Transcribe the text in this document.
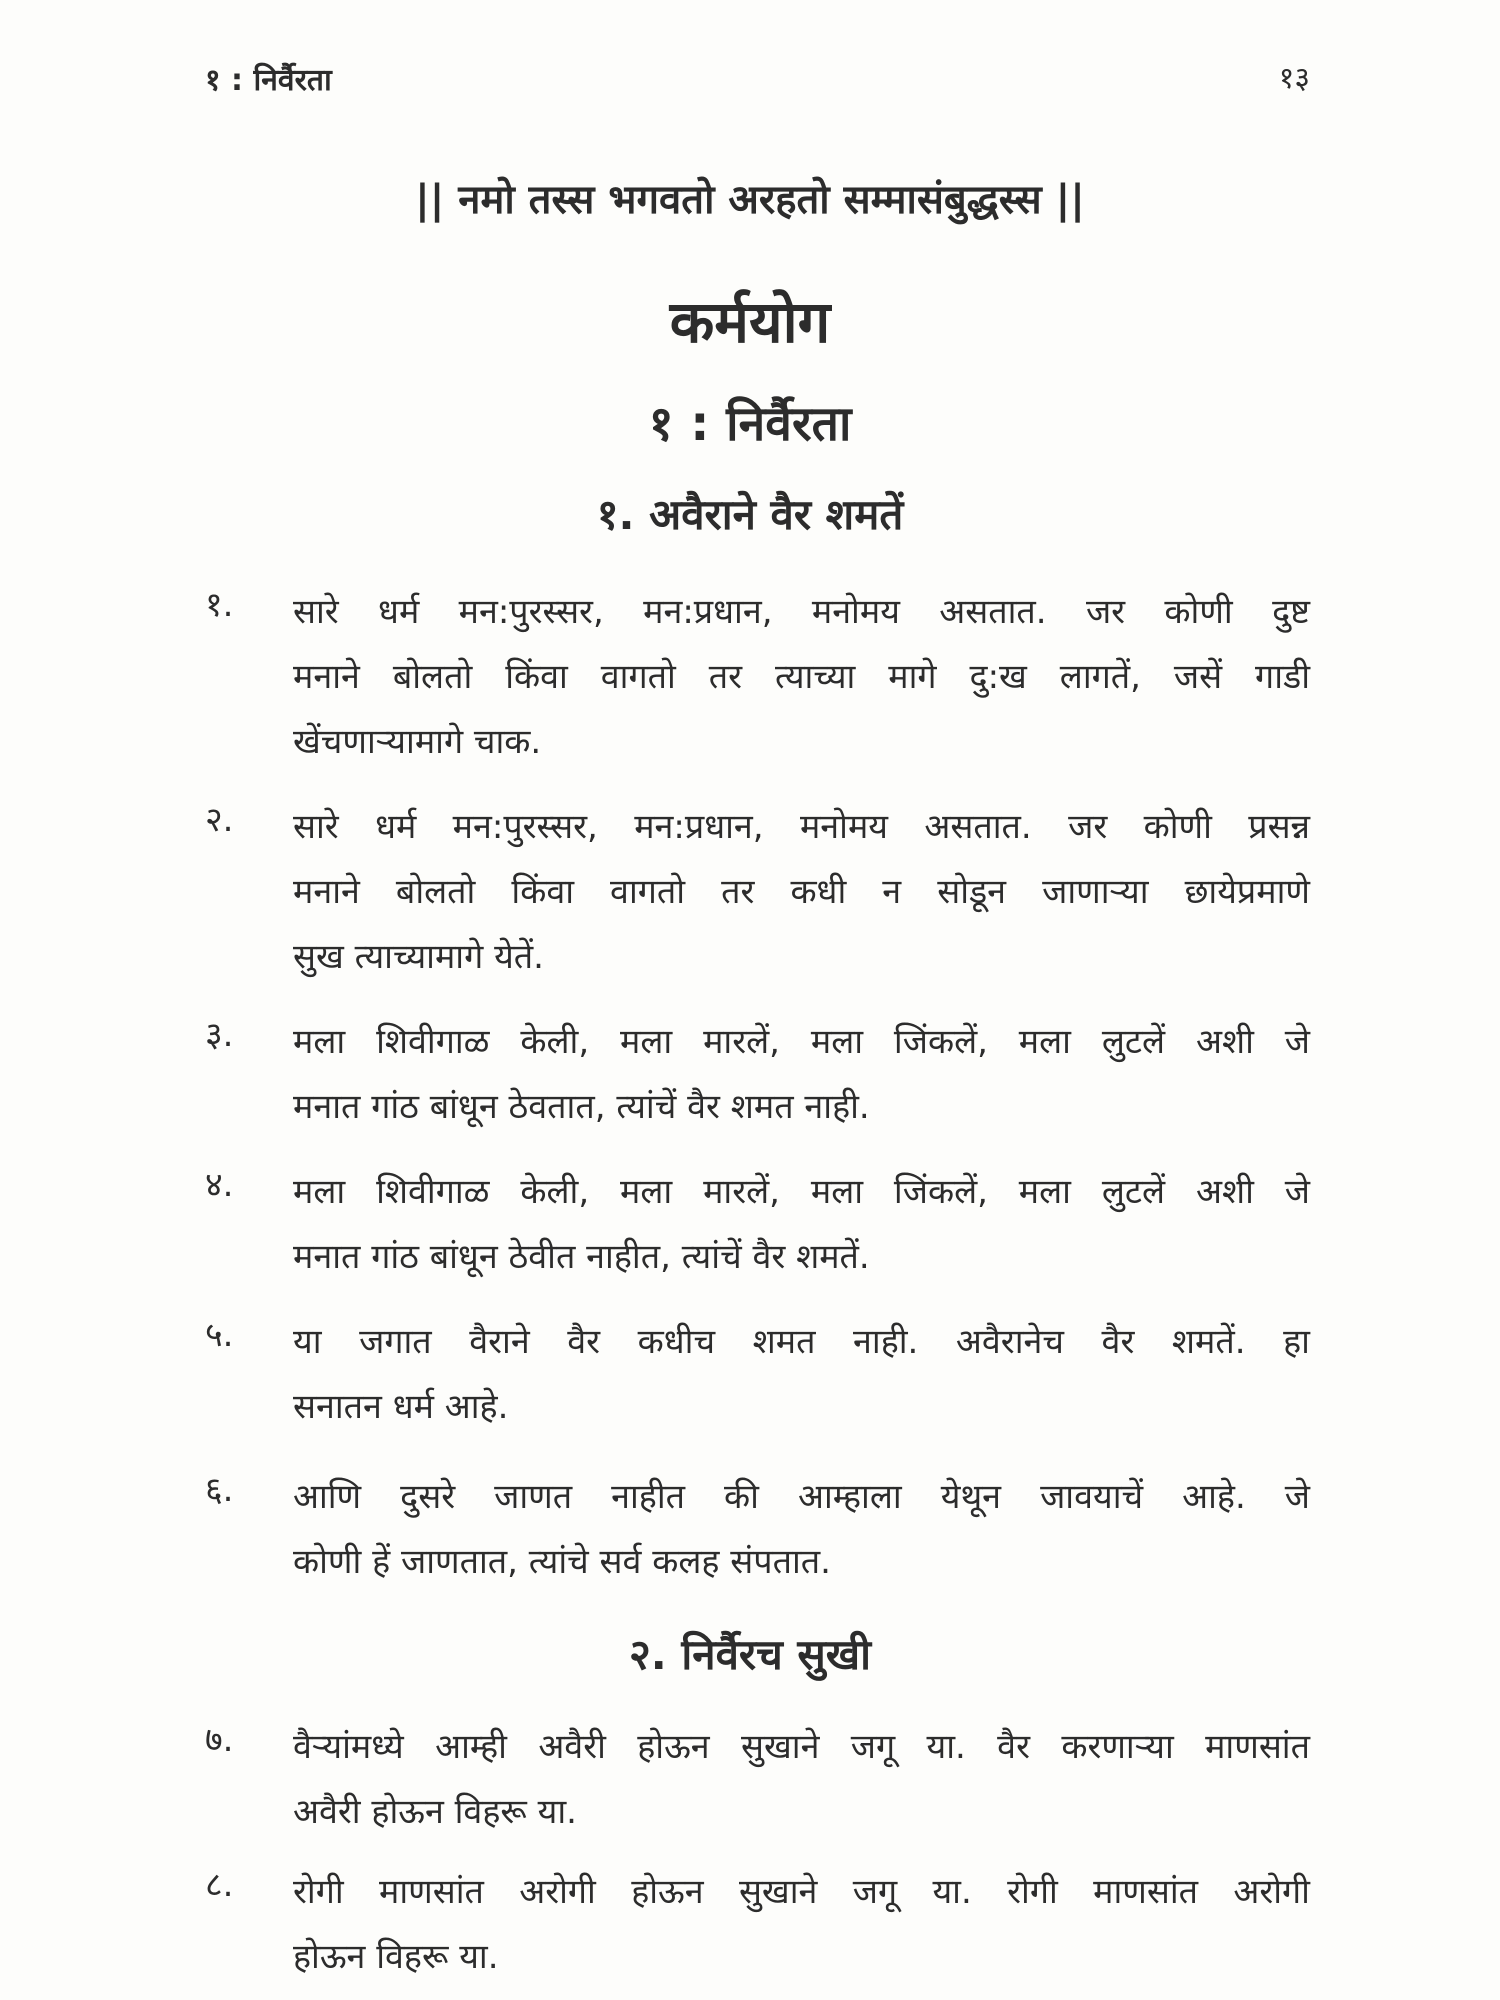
१ : निर्वैरता	१३
|| नमो तस्स भगवतो अरहतो सम्मासंबुद्धस्स ||
कर्मयोग
१ : निर्वैरता
१. अवैराने वैर शमतें
२. निर्वैरच सुखी
१.	सारे धर्म मन:पुरस्सर, मन:प्रधान, मनोमय असतात. जर कोणी दुष्ट
मनाने बोलतो किंवा वागतो तर त्याच्या मागे दु:ख लागतें, जसें गाडी
खेंचणाऱ्यामागे चाक.
२.	सारे धर्म मन:पुरस्सर, मन:प्रधान, मनोमय असतात. जर कोणी प्रसन्न
मनाने बोलतो किंवा वागतो तर कधी न सोडून जाणाऱ्या छायेप्रमाणे
सुख त्याच्यामागे येतें.
३.	मला शिवीगाळ केली, मला मारलें, मला जिंकलें, मला लुटलें अशी जे
मनात गांठ बांधून ठेवतात, त्यांचें वैर शमत नाही.
४.	मला शिवीगाळ केली, मला मारलें, मला जिंकलें, मला लुटलें अशी जे
मनात गांठ बांधून ठेवीत नाहीत, त्यांचें वैर शमतें.
५.	या जगात वैराने वैर कधीच शमत नाही. अवैरानेच वैर शमतें. हा
सनातन धर्म आहे.
६.	आणि दुसरे जाणत नाहीत की आम्हाला येथून जावयाचें आहे. जे
कोणी हें जाणतात, त्यांचे सर्व कलह संपतात.
७.	वैऱ्यांमध्ये आम्ही अवैरी होऊन सुखाने जगू या. वैर करणाऱ्या माणसांत
अवैरी होऊन विहरू या.
८.	रोगी माणसांत अरोगी होऊन सुखाने जगू या. रोगी माणसांत अरोगी
होऊन विहरू या.
